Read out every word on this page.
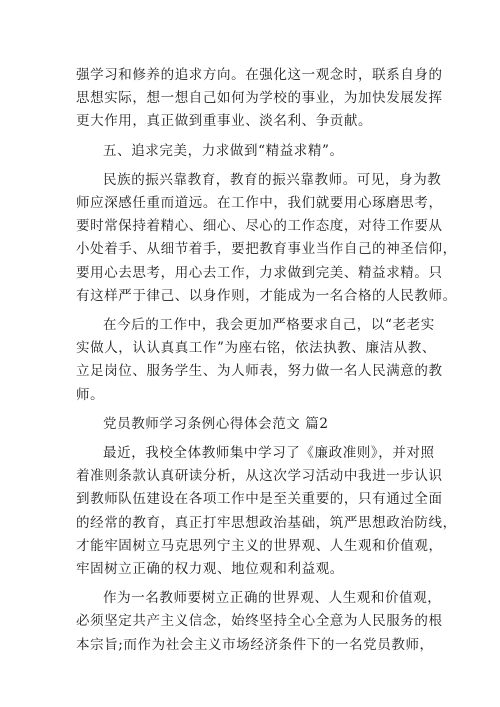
强学习和修养的追求方向。在强化这一观念时，联系自身的
思想实际，想一想自己如何为学校的事业，为加快发展发挥
更大作用，真正做到重事业、淡名利、争贡献。

五、追求完美，力求做到“精益求精”。

民族的振兴靠教育，教育的振兴靠教师。可见，身为教
师应深感任重而道远。在工作中，我们就要用心琢磨思考，
要时常保持着精心、细心、尽心的工作态度，对待工作要从
小处着手、从细节着手，要把教育事业当作自己的神圣信仰，
要用心去思考，用心去工作，力求做到完美、精益求精。只
有这样严于律己、以身作则，才能成为一名合格的人民教师。

在今后的工作中，我会更加严格要求自己，以“老老实
实做人，认认真真工作”为座右铭，依法执教、廉洁从教、
立足岗位、服务学生、为人师表，努力做一名人民满意的教
师。

党员教师学习条例心得体会范文 篇2

最近，我校全体教师集中学习了《廉政准则》，并对照
着准则条款认真研读分析，从这次学习活动中我进一步认识
到教师队伍建设在各项工作中是至关重要的，只有通过全面
的经常的教育，真正打牢思想政治基础，筑严思想政治防线，
才能牢固树立马克思列宁主义的世界观、人生观和价值观，
牢固树立正确的权力观、地位观和利益观。

作为一名教师要树立正确的世界观、人生观和价值观，
必须坚定共产主义信念，始终坚持全心全意为人民服务的根
本宗旨;而作为社会主义市场经济条件下的一名党员教师，
